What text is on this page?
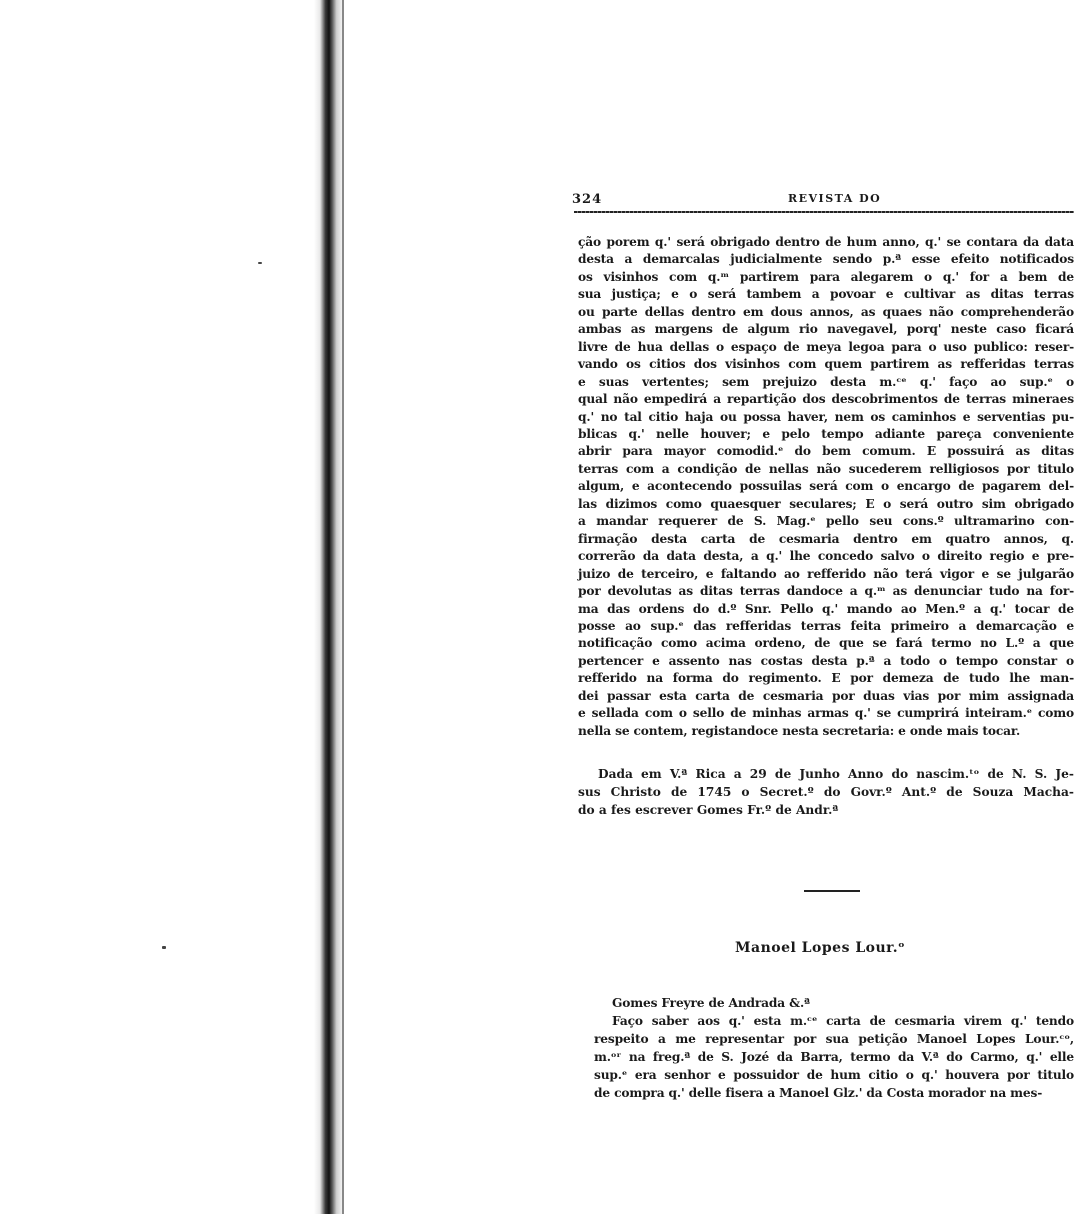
324	REVISTA DO
ção porem q.' será obrigado dentro de hum anno, q.' se contara da data
desta a demarcalas judicialmente sendo p.ª esse efeito notificados
os visinhos com q.ᵐ partirem para alegarem o q.' for a bem de
sua justiça; e o será tambem a povoar e cultivar as ditas terras
ou parte dellas dentro em dous annos, as quaes não comprehenderão
ambas as margens de algum rio navegavel, porq' neste caso ficará
livre de hua dellas o espaço de meya legoa para o uso publico: reser-
vando os citios dos visinhos com quem partirem as refferidas terras
e suas vertentes; sem prejuizo desta m.ᶜᵉ q.' faço ao sup.ᵉ o
qual não empedirá a repartição dos descobrimentos de terras mineraes
q.' no tal citio haja ou possa haver, nem os caminhos e serventias pu-
blicas q.' nelle houver; e pelo tempo adiante pareça conveniente
abrir para mayor comodid.ᵉ do bem comum. E possuirá as ditas
terras com a condição de nellas não sucederem relligiosos por titulo
algum, e acontecendo possuilas será com o encargo de pagarem del-
las dizimos como quaesquer seculares; E o será outro sim obrigado
a mandar requerer de S. Mag.ᵉ pello seu cons.º ultramarino con-
firmação desta carta de cesmaria dentro em quatro annos, q.
correrão da data desta, a q.' lhe concedo salvo o direito regio e pre-
juizo de terceiro, e faltando ao refferido não terá vigor e se julgarão
por devolutas as ditas terras dandoce a q.ᵐ as denunciar tudo na for-
ma das ordens do d.º Snr. Pello q.' mando ao Men.º a q.' tocar de
posse ao sup.ᵉ das refferidas terras feita primeiro a demarcação e
notificação como acima ordeno, de que se fará termo no L.º a que
pertencer e assento nas costas desta p.ª a todo o tempo constar o
refferido na forma do regimento. E por demeza de tudo lhe man-
dei passar esta carta de cesmaria por duas vias por mim assignada
e sellada com o sello de minhas armas q.' se cumprirá inteiram.ᵉ como
nella se contem, registandoce nesta secretaria: e onde mais tocar.
Dada em V.ª Rica a 29 de Junho Anno do nascim.ᵗᵒ de N. S. Je-
sus Christo de 1745 o Secret.º do Govr.º Ant.º de Souza Macha-
do a fes escrever Gomes Fr.º de Andr.ª
Manoel Lopes Lour.ᵒ
Gomes Freyre de Andrada &.ª
Faço saber aos q.' esta m.ᶜᵉ carta de cesmaria virem q.' tendo
respeito a me representar por sua petição Manoel Lopes Lour.ᶜᵒ,
m.ᵒʳ na freg.ª de S. Jozé da Barra, termo da V.ª do Carmo, q.' elle
sup.ᵉ era senhor e possuidor de hum citio o q.' houvera por titulo
de compra q.' delle fisera a Manoel Glz.' da Costa morador na mes-
